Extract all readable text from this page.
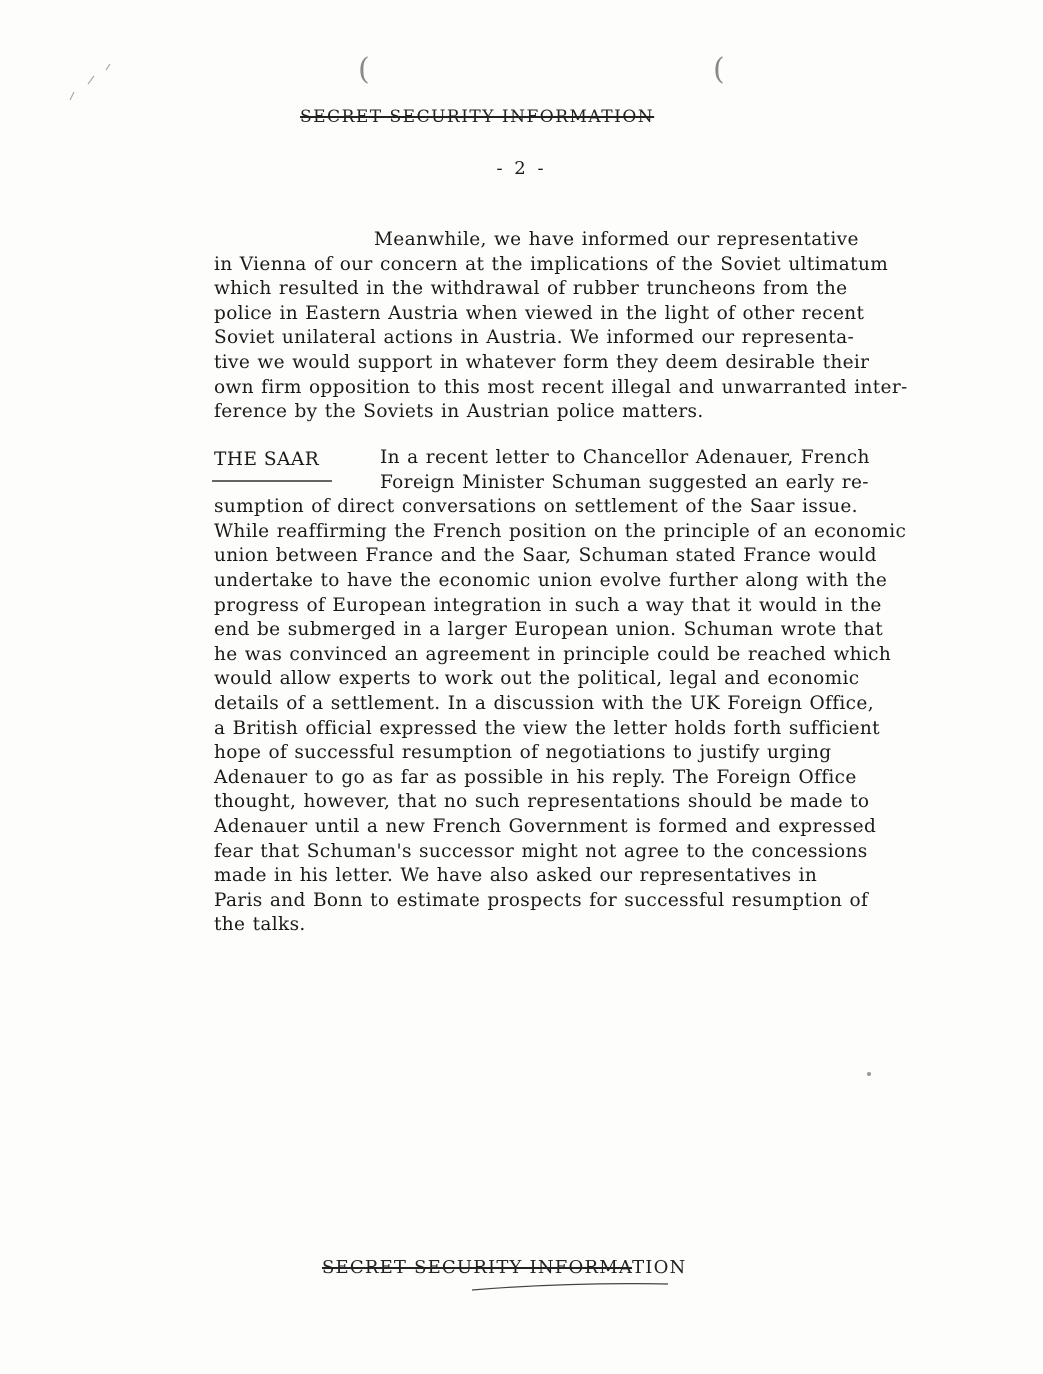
(	(
SECRET SECURITY INFORMATION
- 2 -
Meanwhile, we have informed our representative
in Vienna of our concern at the implications of the Soviet ultimatum
which resulted in the withdrawal of rubber truncheons from the
police in Eastern Austria when viewed in the light of other recent
Soviet unilateral actions in Austria. We informed our representa-
tive we would support in whatever form they deem desirable their
own firm opposition to this most recent illegal and unwarranted inter-
ference by the Soviets in Austrian police matters.
THE SAAR	In a recent letter to Chancellor Adenauer, French
Foreign Minister Schuman suggested an early re-
sumption of direct conversations on settlement of the Saar issue.
While reaffirming the French position on the principle of an economic
union between France and the Saar, Schuman stated France would
undertake to have the economic union evolve further along with the
progress of European integration in such a way that it would in the
end be submerged in a larger European union. Schuman wrote that
he was convinced an agreement in principle could be reached which
would allow experts to work out the political, legal and economic
details of a settlement. In a discussion with the UK Foreign Office,
a British official expressed the view the letter holds forth sufficient
hope of successful resumption of negotiations to justify urging
Adenauer to go as far as possible in his reply. The Foreign Office
thought, however, that no such representations should be made to
Adenauer until a new French Government is formed and expressed
fear that Schuman's successor might not agree to the concessions
made in his letter. We have also asked our representatives in
Paris and Bonn to estimate prospects for successful resumption of
the talks.
SECRET SECURITY INFORMATION
